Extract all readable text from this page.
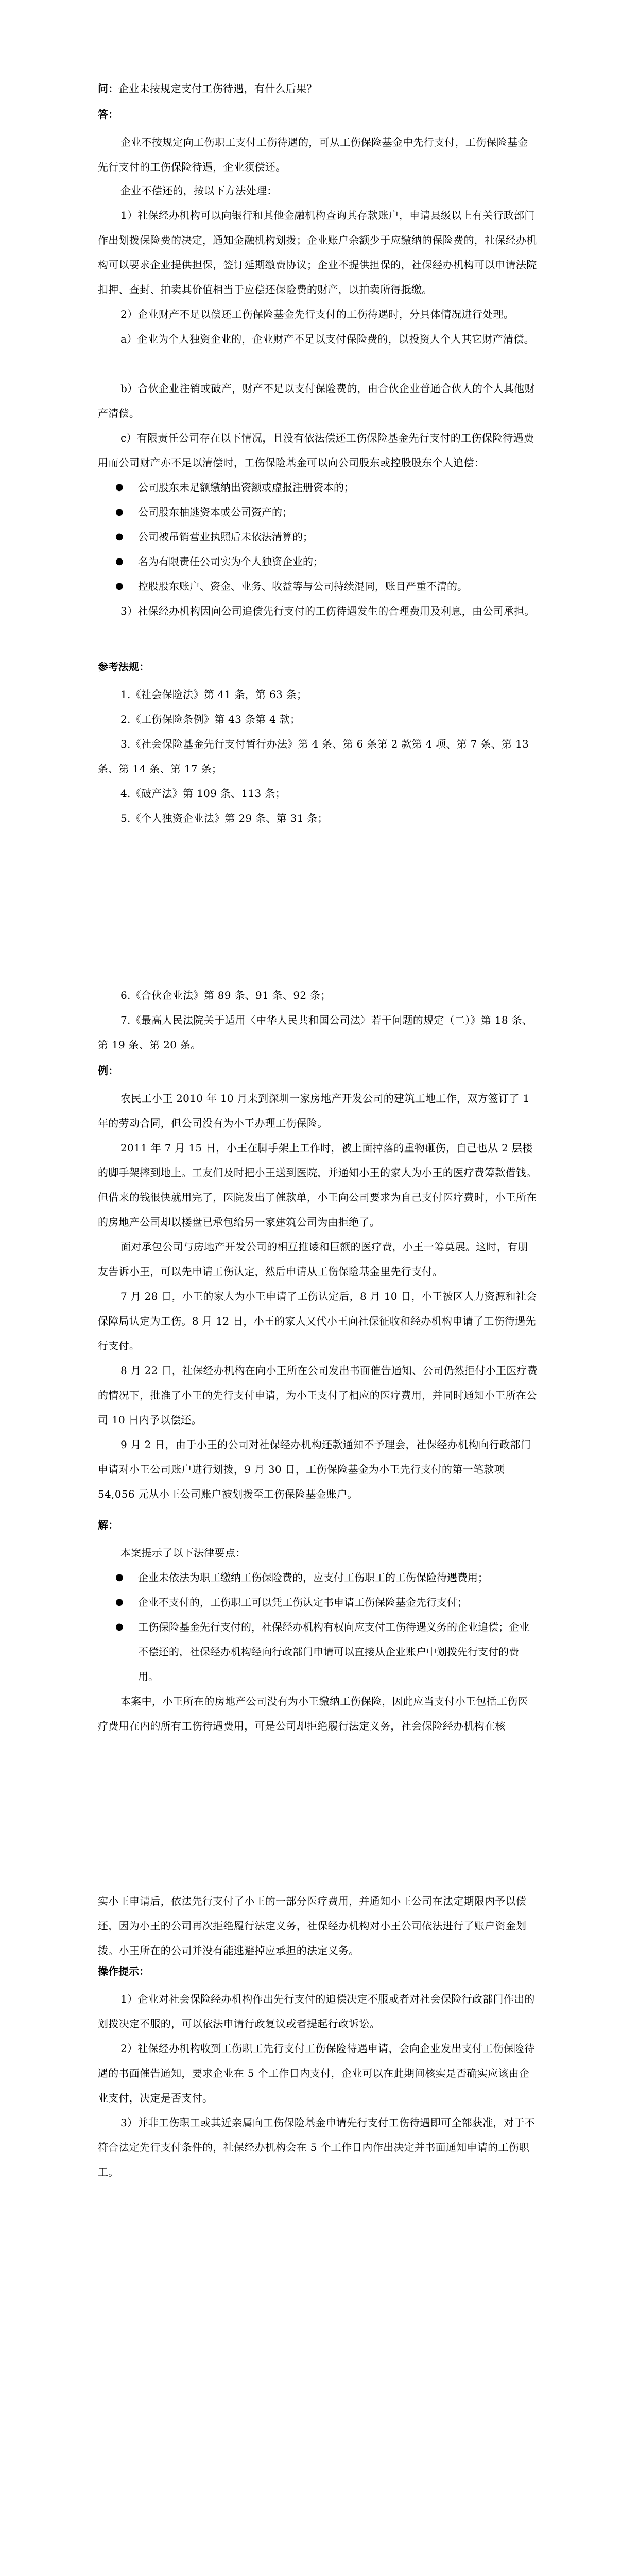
问：企业未按规定支付工伤待遇，有什么后果？
答：
企业不按规定向工伤职工支付工伤待遇的，可从工伤保险基金中先行支付，工伤保险基金先行支付的工伤保险待遇，企业须偿还。
企业不偿还的，按以下方法处理：
1）社保经办机构可以向银行和其他金融机构查询其存款账户，申请县级以上有关行政部门作出划拨保险费的决定，通知金融机构划拨；企业账户余额少于应缴纳的保险费的，社保经办机构可以要求企业提供担保，签订延期缴费协议；企业不提供担保的，社保经办机构可以申请法院扣押、查封、拍卖其价值相当于应偿还保险费的财产，以拍卖所得抵缴。
2）企业财产不足以偿还工伤保险基金先行支付的工伤待遇时，分具体情况进行处理。
a）企业为个人独资企业的，企业财产不足以支付保险费的，以投资人个人其它财产清偿。
b）合伙企业注销或破产，财产不足以支付保险费的，由合伙企业普通合伙人的个人其他财产清偿。
c）有限责任公司存在以下情况，且没有依法偿还工伤保险基金先行支付的工伤保险待遇费用而公司财产亦不足以清偿时，工伤保险基金可以向公司股东或控股股东个人追偿：
● 公司股东未足额缴纳出资额或虚报注册资本的；
● 公司股东抽逃资本或公司资产的；
● 公司被吊销营业执照后未依法清算的；
● 名为有限责任公司实为个人独资企业的；
● 控股股东账户、资金、业务、收益等与公司持续混同，账目严重不清的。
3）社保经办机构因向公司追偿先行支付的工伤待遇发生的合理费用及利息，由公司承担。
参考法规：
1.《社会保险法》第 41 条，第 63 条；
2.《工伤保险条例》第 43 条第 4 款；
3.《社会保险基金先行支付暂行办法》第 4 条、第 6 条第 2 款第 4 项、第 7 条、第 13 条、第 14 条、第 17 条；
4.《破产法》第 109 条、113 条；
5.《个人独资企业法》第 29 条、第 31 条；
6.《合伙企业法》第 89 条、91 条、92 条；
7.《最高人民法院关于适用〈中华人民共和国公司法〉若干问题的规定（二）》第 18 条、第 19 条、第 20 条。
例：
农民工小王 2010 年 10 月来到深圳一家房地产开发公司的建筑工地工作，双方签订了 1 年的劳动合同，但公司没有为小王办理工伤保险。
2011 年 7 月 15 日，小王在脚手架上工作时，被上面掉落的重物砸伤，自己也从 2 层楼的脚手架摔到地上。工友们及时把小王送到医院，并通知小王的家人为小王的医疗费筹款借钱。但借来的钱很快就用完了，医院发出了催款单，小王向公司要求为自己支付医疗费时，小王所在的房地产公司却以楼盘已承包给另一家建筑公司为由拒绝了。
面对承包公司与房地产开发公司的相互推诿和巨额的医疗费，小王一筹莫展。这时，有朋友告诉小王，可以先申请工伤认定，然后申请从工伤保险基金里先行支付。
7 月 28 日，小王的家人为小王申请了工伤认定后，8 月 10 日，小王被区人力资源和社会保障局认定为工伤。8 月 12 日，小王的家人又代小王向社保征收和经办机构申请了工伤待遇先行支付。
8 月 22 日，社保经办机构在向小王所在公司发出书面催告通知、公司仍然拒付小王医疗费的情况下，批准了小王的先行支付申请，为小王支付了相应的医疗费用，并同时通知小王所在公司 10 日内予以偿还。
9 月 2 日，由于小王的公司对社保经办机构还款通知不予理会，社保经办机构向行政部门申请对小王公司账户进行划拨，9 月 30 日，工伤保险基金为小王先行支付的第一笔款项 54,056 元从小王公司账户被划拨至工伤保险基金账户。
解：
本案提示了以下法律要点：
● 企业未依法为职工缴纳工伤保险费的，应支付工伤职工的工伤保险待遇费用；
● 企业不支付的，工伤职工可以凭工伤认定书申请工伤保险基金先行支付；
● 工伤保险基金先行支付的，社保经办机构有权向应支付工伤待遇义务的企业追偿；企业不偿还的，社保经办机构经向行政部门申请可以直接从企业账户中划拨先行支付的费用。
本案中，小王所在的房地产公司没有为小王缴纳工伤保险，因此应当支付小王包括工伤医疗费用在内的所有工伤待遇费用，可是公司却拒绝履行法定义务，社会保险经办机构在核
实小王申请后，依法先行支付了小王的一部分医疗费用，并通知小王公司在法定期限内予以偿还，因为小王的公司再次拒绝履行法定义务，社保经办机构对小王公司依法进行了账户资金划拨。小王所在的公司并没有能逃避掉应承担的法定义务。
操作提示：
1）企业对社会保险经办机构作出先行支付的追偿决定不服或者对社会保险行政部门作出的划拨决定不服的，可以依法申请行政复议或者提起行政诉讼。
2）社保经办机构收到工伤职工先行支付工伤保险待遇申请，会向企业发出支付工伤保险待遇的书面催告通知，要求企业在 5 个工作日内支付，企业可以在此期间核实是否确实应该由企业支付，决定是否支付。
3）并非工伤职工或其近亲属向工伤保险基金申请先行支付工伤待遇即可全部获准，对于不符合法定先行支付条件的，社保经办机构会在 5 个工作日内作出决定并书面通知申请的工伤职工。
